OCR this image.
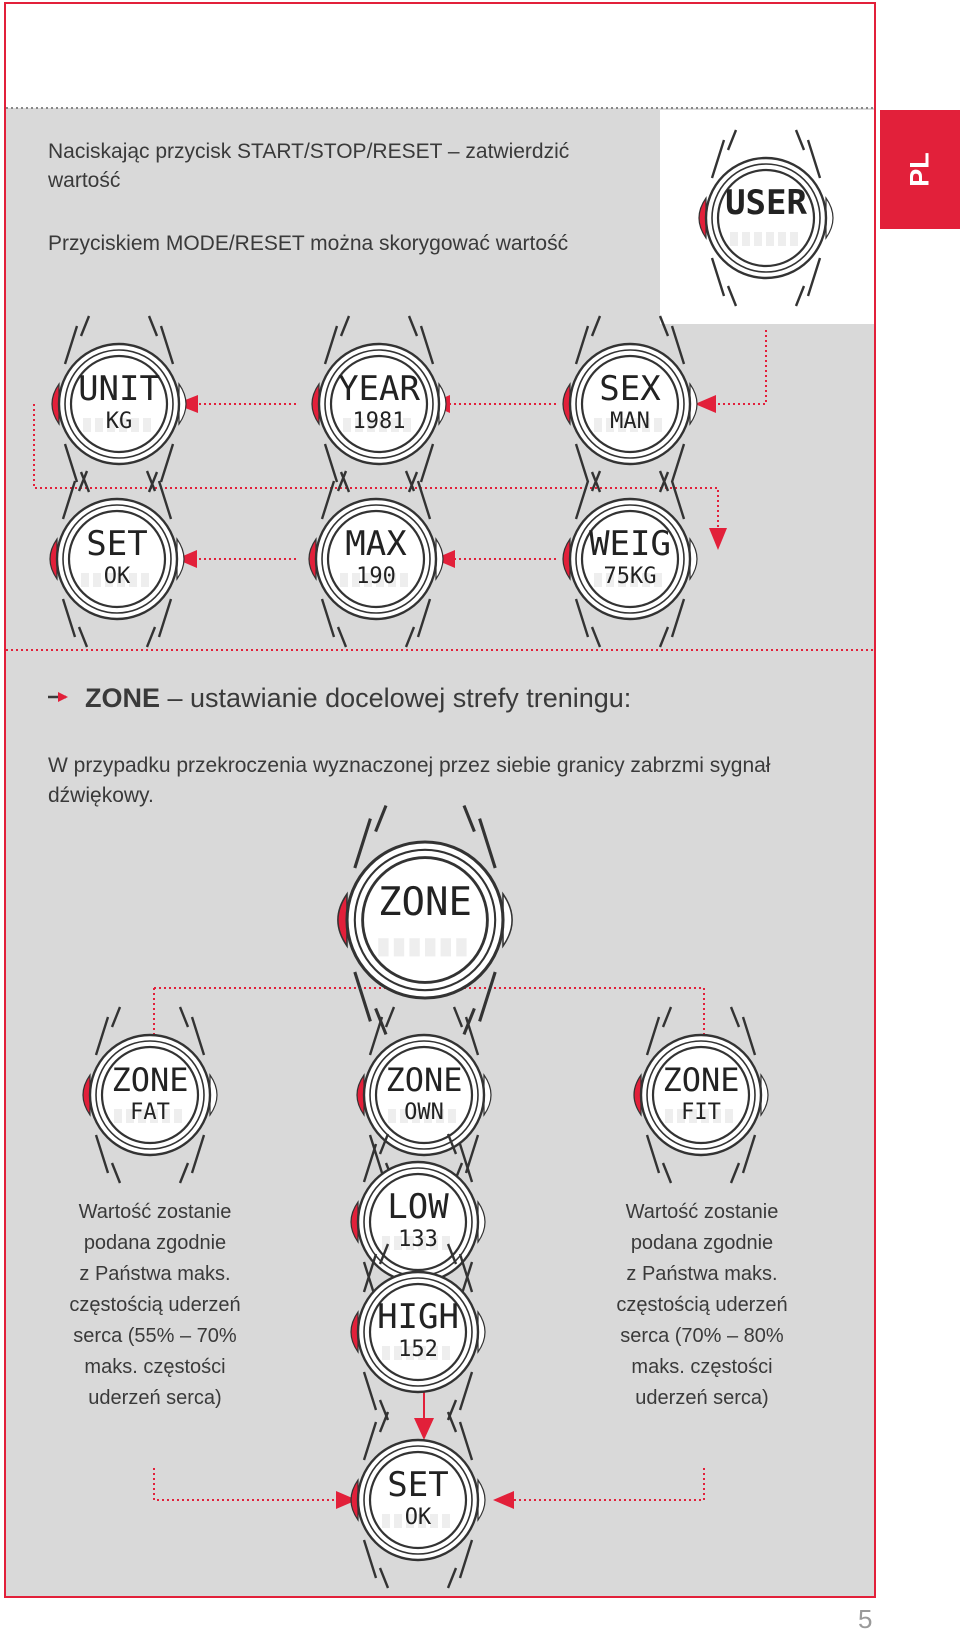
PL
5

Naciskając przycisk START/STOP/RESET – zatwierdzić

wartość

Przyciskiem MODE/RESET można skorygować wartość

ZONE – ustawianie docelowej strefy treningu:

W przypadku przekroczenia wyznaczonej przez siebie granicy zabrzmi sygnał

dźwiękowy.

Wartość zostanie
podana zgodnie
z Państwa maks.
częstością uderzeń
serca (55% – 70%
maks. częstości
uderzeń serca)
Wartość zostanie
podana zgodnie
z Państwa maks.
częstością uderzeń
serca (70% – 80%
maks. częstości
uderzeń serca)
USER
UNIT
KG
YEAR
1981
SEX
MAN
SET
OK
MAX
190
WEIG
75KG
ZONE
ZONE
FAT
ZONE
OWN
ZONE
FIT
LOW
133
HIGH
152
SET
OK
